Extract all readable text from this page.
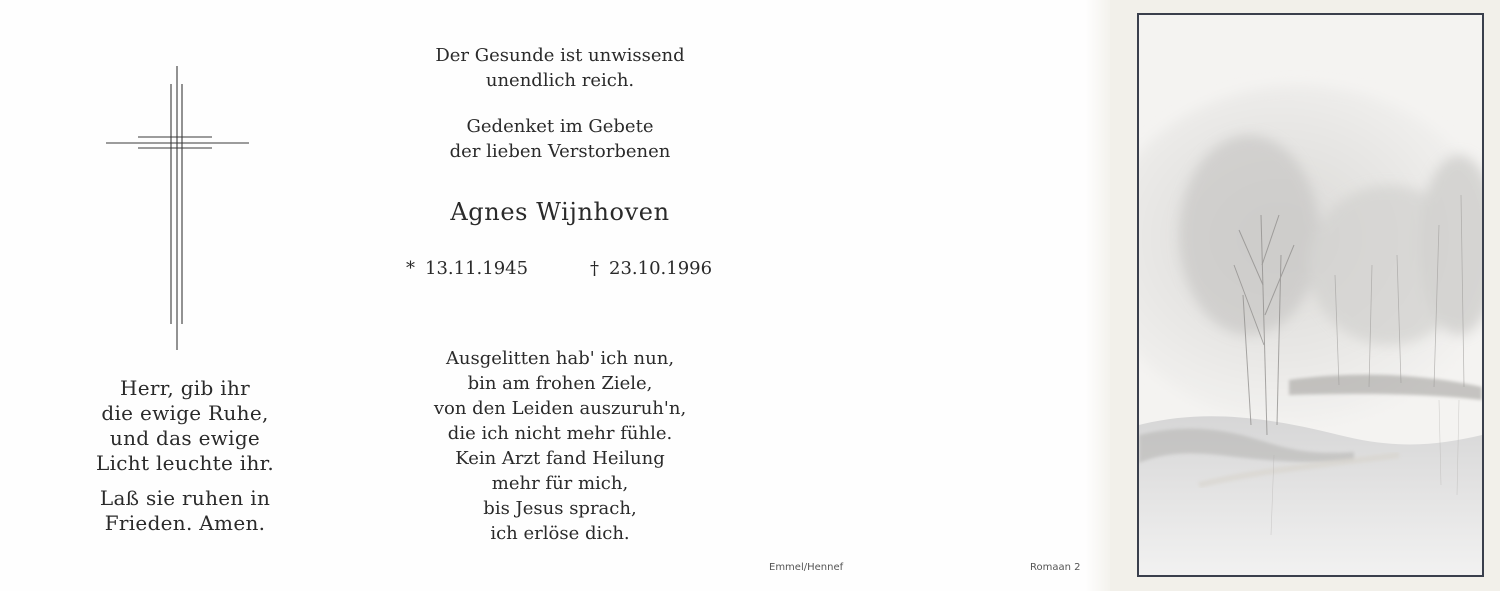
Herr, gib ihr
die ewige Ruhe,
und das ewige
Licht leuchte ihr.
Laß sie ruhen in
Frieden. Amen.
Der Gesunde ist unwissend
unendlich reich.
Gedenket im Gebete
der lieben Verstorbenen
Agnes Wijnhoven
* 13.11.1945	† 23.10.1996
Ausgelitten hab' ich nun,
bin am frohen Ziele,
von den Leiden auszuruh'n,
die ich nicht mehr fühle.
Kein Arzt fand Heilung
mehr für mich,
bis Jesus sprach,
ich erlöse dich.
Emmel/Hennef	Romaan 2
